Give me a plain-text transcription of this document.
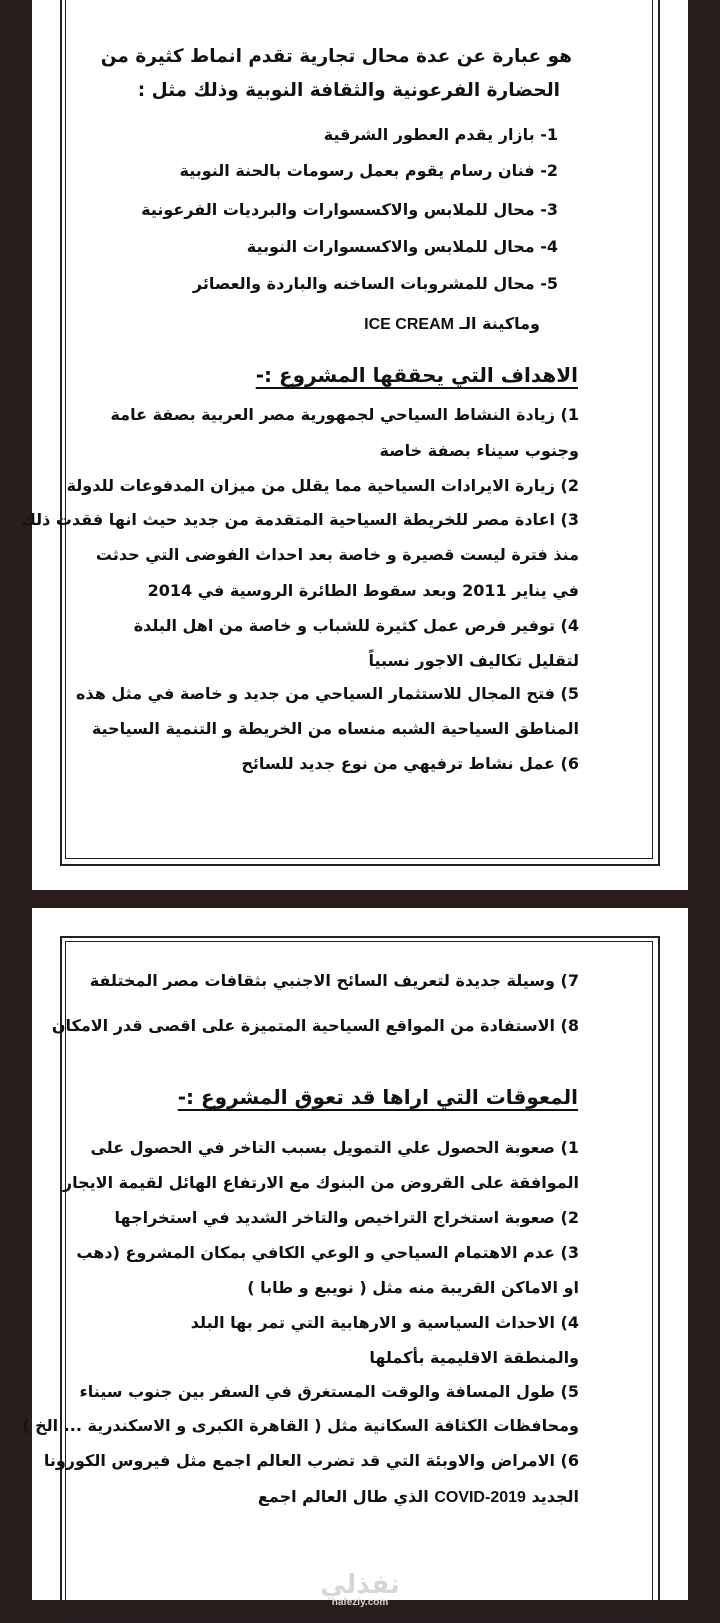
هو عبارة عن عدة محال تجارية تقدم انماط كثيرة من
الحضارة الفرعونية والثقافة النوبية وذلك مثل :
1- بازار يقدم العطور الشرقية
2- فنان رسام يقوم بعمل رسومات بالحنة النوبية
3- محال للملابس والاكسسوارات والبرديات الفرعونية
4- محال للملابس والاكسسوارات النوبية
5- محال للمشروبات الساخنه والباردة والعصائر
وماكينة الـ ICE CREAM
الاهداف التي يحققها المشروع :-
1) زيادة النشاط السياحي لجمهورية مصر العربية بصفة عامة
وجنوب سيناء بصفة خاصة
2) زيارة الايرادات السياحية مما يقلل من ميزان المدفوعات للدولة
3) اعادة مصر للخريطة السياحية المتقدمة من جديد حيث انها فقدت ذلك
منذ فترة ليست قصيرة و خاصة بعد احداث الفوضى التي حدثت
في يناير 2011 وبعد سقوط الطائرة الروسية في 2014
4) توفير فرص عمل كثيرة للشباب و خاصة من اهل البلدة
لتقليل تكاليف الاجور نسبياً
5) فتح المجال للاستثمار السياحي من جديد و خاصة في مثل هذه
المناطق السياحية الشبه منساه من الخريطة و التنمية السياحية
6) عمل نشاط ترفيهي من نوع جديد للسائح
7) وسيلة جديدة لتعريف السائح الاجنبي بثقافات مصر المختلفة
8) الاستفادة من المواقع السياحية المتميزة على اقصى قدر الامكان
المعوقات التي اراها قد تعوق المشروع :-
1) صعوبة الحصول علي التمويل بسبب التاخر في الحصول على
الموافقة على القروض من البنوك مع الارتفاع الهائل لقيمة الايجار
2) صعوبة استخراج التراخيص والتاخر الشديد في استخراجها
3) عدم الاهتمام السياحي و الوعي الكافي بمكان المشروع (دهب
او الاماكن القريبة منه مثل ( نويبع و طابا )
4) الاحداث السياسية و الارهابية التي تمر بها البلد
والمنطقة الاقليمية بأكملها
5) طول المسافة والوقت المستغرق في السفر بين جنوب سيناء
ومحافظات الكثافة السكانية مثل ( القاهرة الكبرى و الاسكندرية ... الخ )
6) الامراض والاوبئة التي قد تضرب العالم اجمع مثل فيروس الكورونا
الجديد COVID-2019 الذي طال العالم اجمع
نفذلي
nafezly.com
